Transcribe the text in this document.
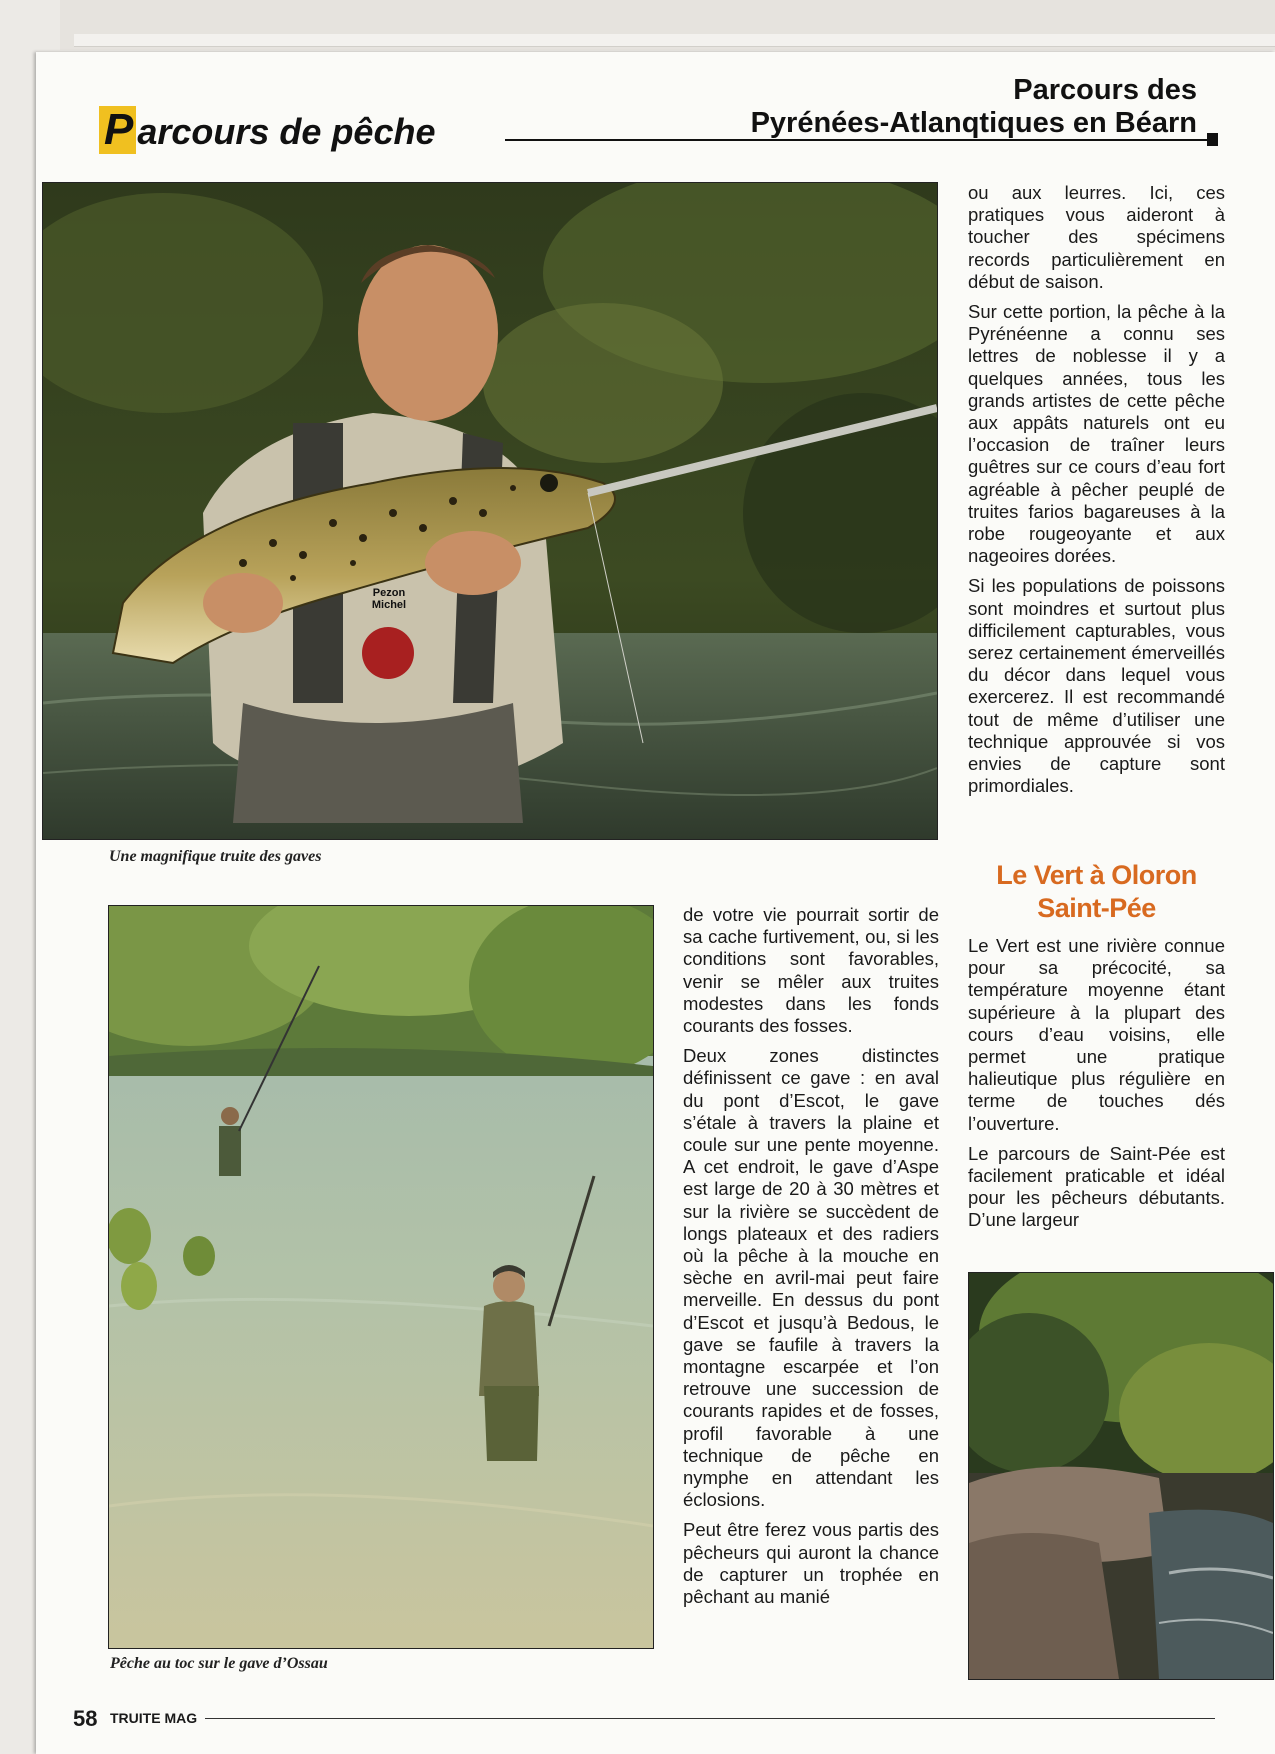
P arcours de pêche
Parcours des
Pyrénées-Atlanqtiques en Béarn
Pezon
Michel
Une magnifique truite des gaves
Pêche au toc sur le gave d’Ossau

ou aux leurres. Ici, ces pratiques vous aideront à toucher des spécimens records particulièrement en début de saison.

Sur cette portion, la pêche à la Pyrénéenne a connu ses lettres de noblesse il y a quelques années, tous les grands artistes de cette pêche aux appâts naturels ont eu l’occasion de traîner leurs guêtres sur ce cours d’eau fort agréable à pêcher peuplé de truites farios bagareuses à la robe rougeoyante et aux nageoires dorées.

Si les populations de poissons sont moindres et surtout plus difficilement capturables, vous serez certainement émerveillés du décor dans lequel vous exercerez. Il est recommandé tout de même d’utiliser une technique approuvée si vos envies de capture sont primordiales.

Le Vert à Oloron
Saint-Pée

Le Vert est une rivière connue pour sa précocité, sa température moyenne étant supérieure à la plupart des cours d’eau voisins, elle permet une pratique halieutique plus régulière en terme de touches dés l’ouverture.

Le parcours de Saint-Pée est facilement praticable et idéal pour les pêcheurs débutants. D’une largeur

de votre vie pourrait sortir de sa cache furtivement, ou, si les conditions sont favorables, venir se mêler aux truites modestes dans les fonds courants des fosses.

Deux zones distinctes définissent ce gave : en aval du pont d’Escot, le gave s’étale à travers la plaine et coule sur une pente moyenne. A cet endroit, le gave d’Aspe est large de 20 à 30 mètres et sur la rivière se succèdent de longs plateaux et des radiers où la pêche à la mouche en sèche en avril-mai peut faire merveille. En dessus du pont d’Escot et jusqu’à Bedous, le gave se faufile à travers la montagne escarpée et l’on retrouve une succession de courants rapides et de fosses, profil favorable à une technique de pêche en nymphe en attendant les éclosions.

Peut être ferez vous partis des pêcheurs qui auront la chance de capturer un trophée en pêchant au manié

58 TRUITE MAG
